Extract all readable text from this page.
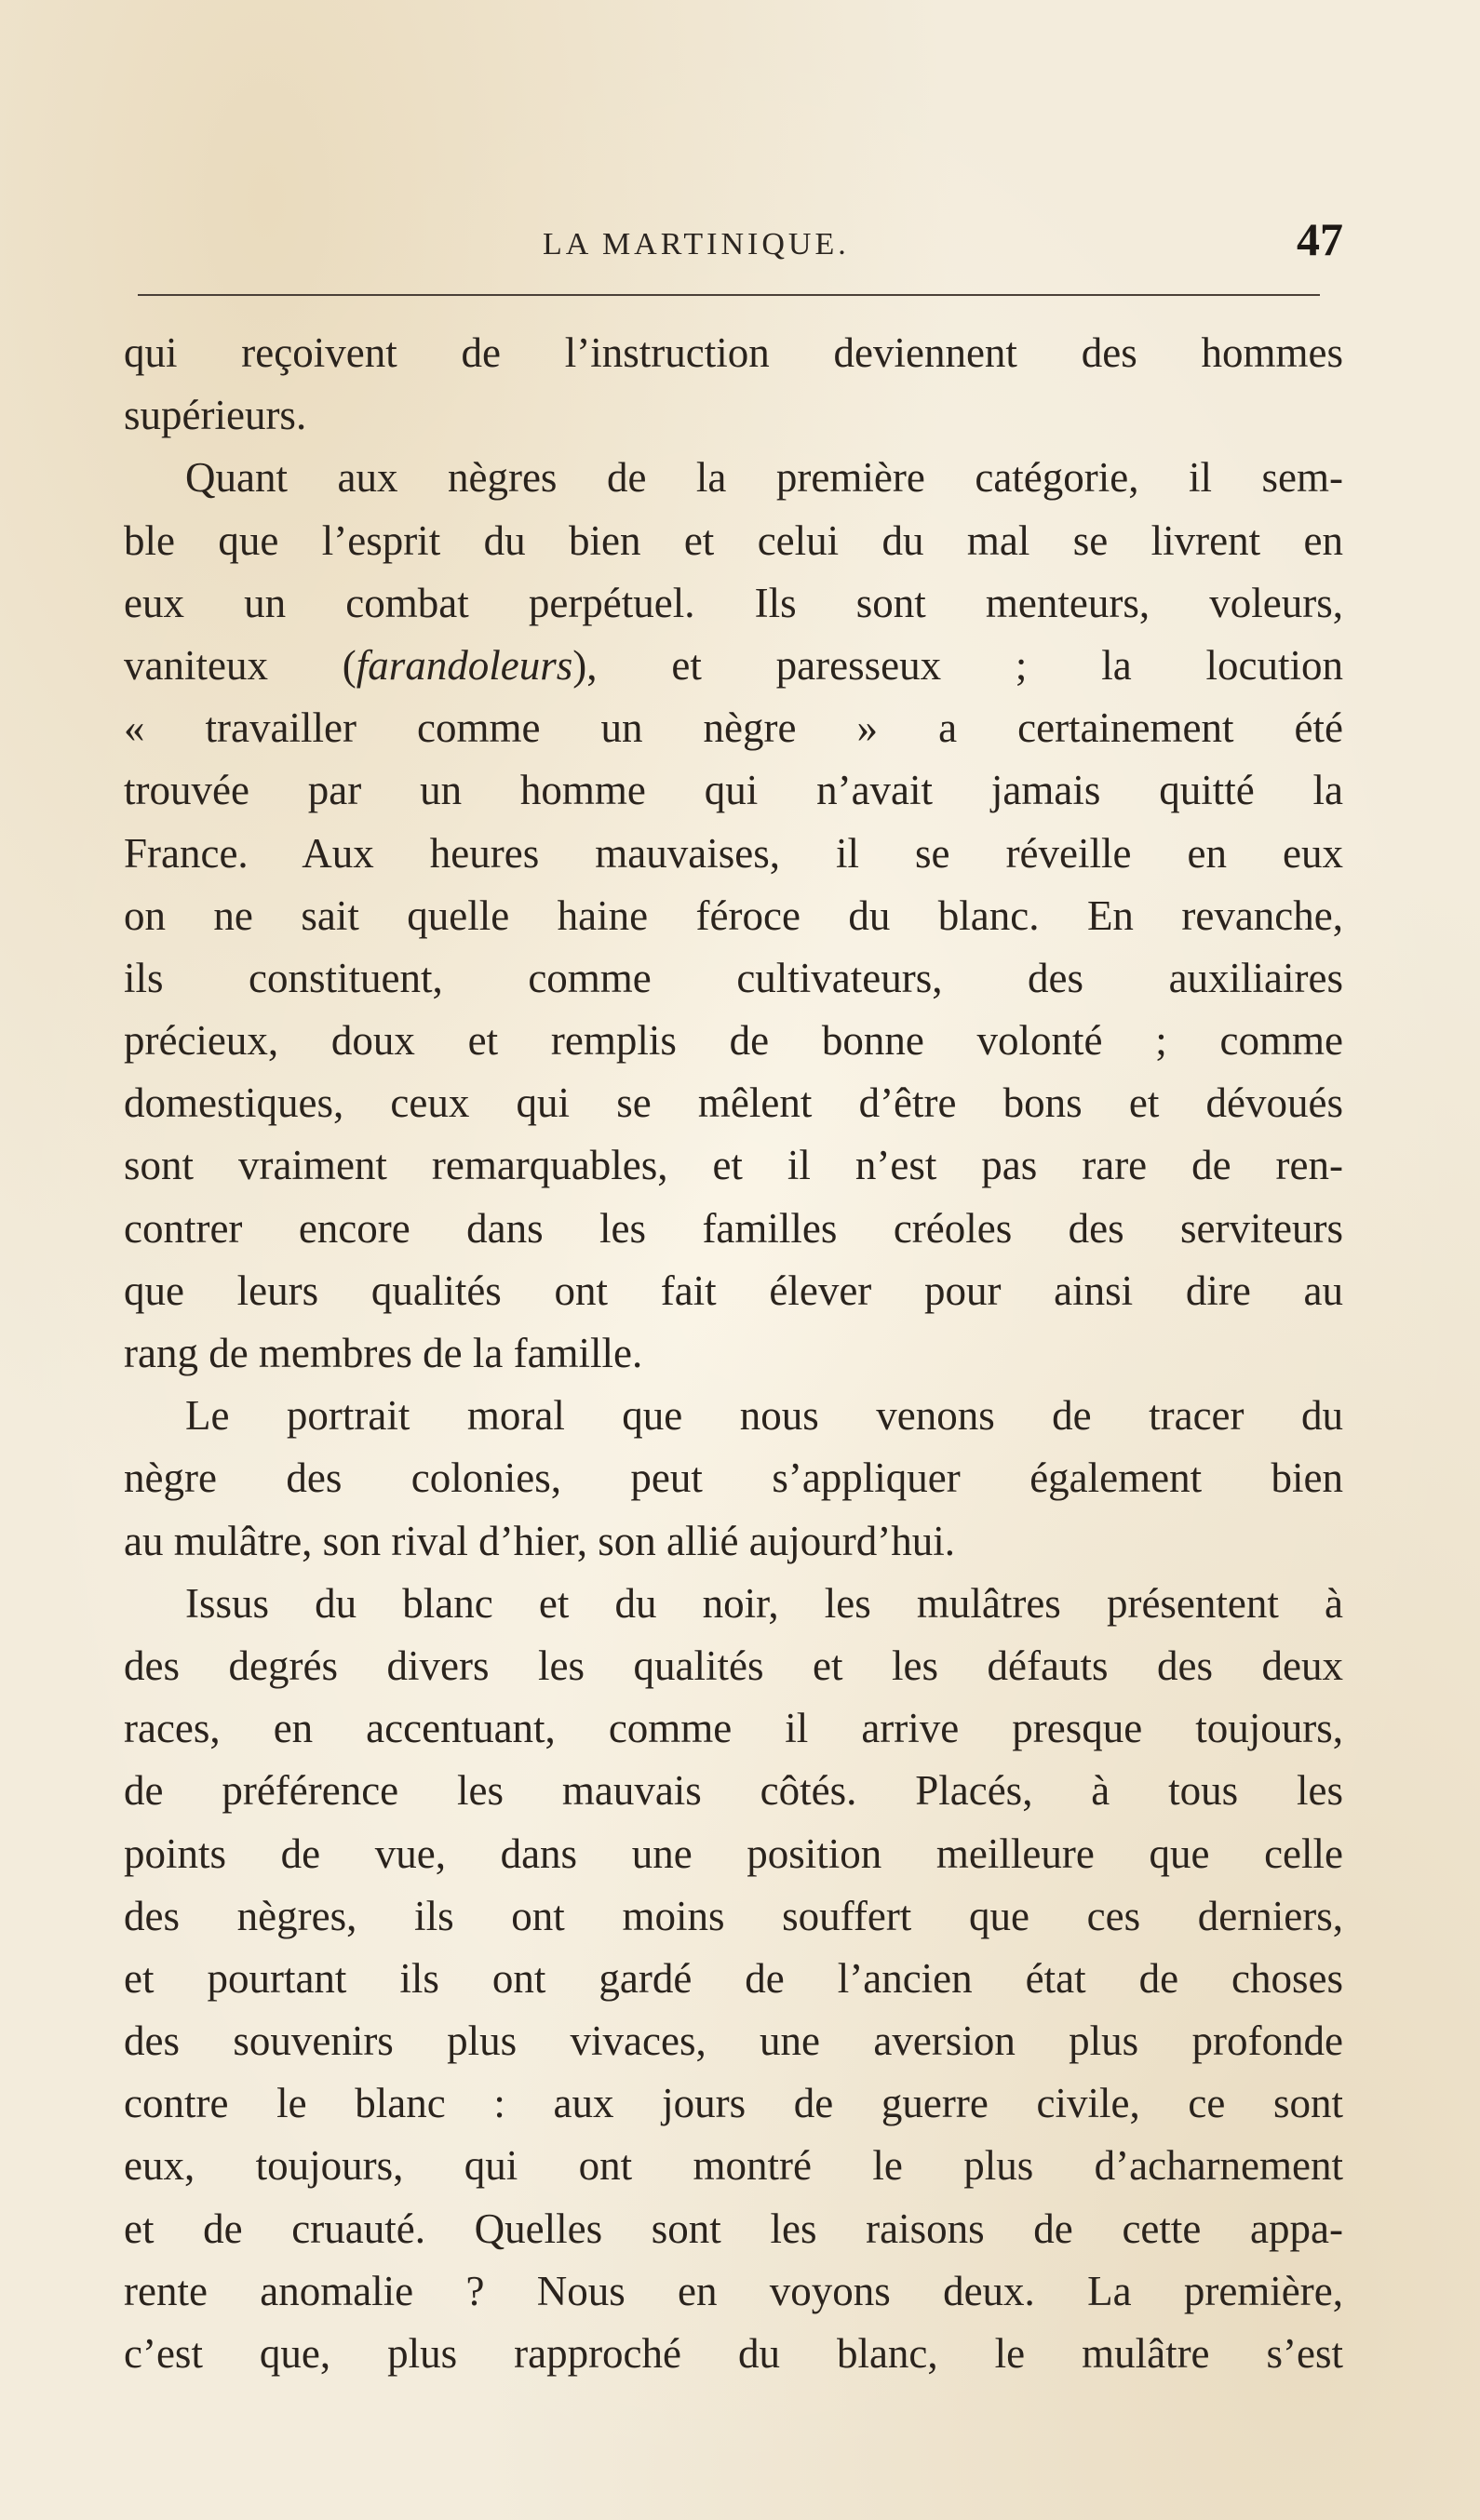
LA MARTINIQUE.	47
qui reçoivent de l’instruction deviennent des hommes
supérieurs.
Quant aux nègres de la première catégorie, il sem-
ble que l’esprit du bien et celui du mal se livrent en
eux un combat perpétuel. Ils sont menteurs, voleurs,
vaniteux (farandoleurs), et paresseux ; la locution
« travailler comme un nègre » a certainement été
trouvée par un homme qui n’avait jamais quitté la
France. Aux heures mauvaises, il se réveille en eux
on ne sait quelle haine féroce du blanc. En revanche,
ils constituent, comme cultivateurs, des auxiliaires
précieux, doux et remplis de bonne volonté ; comme
domestiques, ceux qui se mêlent d’être bons et dévoués
sont vraiment remarquables, et il n’est pas rare de ren-
contrer encore dans les familles créoles des serviteurs
que leurs qualités ont fait élever pour ainsi dire au
rang de membres de la famille.
Le portrait moral que nous venons de tracer du
nègre des colonies, peut s’appliquer également bien
au mulâtre, son rival d’hier, son allié aujourd’hui.
Issus du blanc et du noir, les mulâtres présentent à
des degrés divers les qualités et les défauts des deux
races, en accentuant, comme il arrive presque toujours,
de préférence les mauvais côtés. Placés, à tous les
points de vue, dans une position meilleure que celle
des nègres, ils ont moins souffert que ces derniers,
et pourtant ils ont gardé de l’ancien état de choses
des souvenirs plus vivaces, une aversion plus profonde
contre le blanc : aux jours de guerre civile, ce sont
eux, toujours, qui ont montré le plus d’acharnement
et de cruauté. Quelles sont les raisons de cette appa-
rente anomalie ? Nous en voyons deux. La première,
c’est que, plus rapproché du blanc, le mulâtre s’est
